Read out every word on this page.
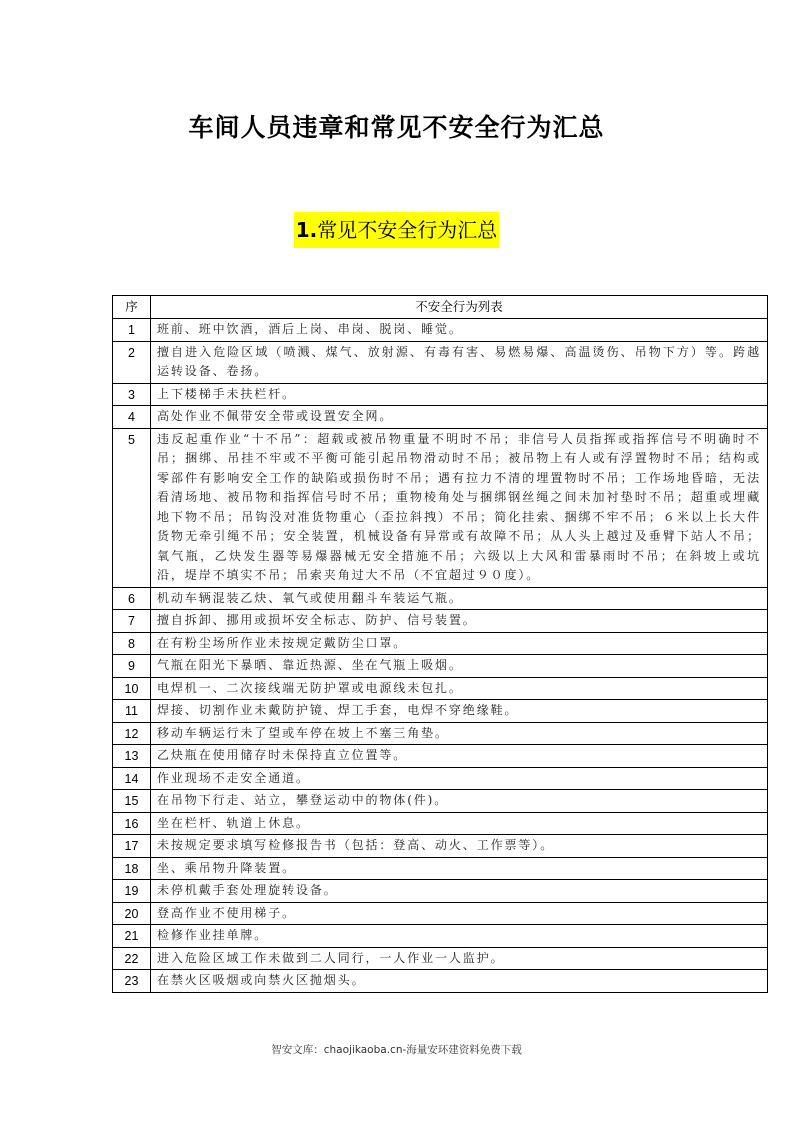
车间人员违章和常见不安全行为汇总
1.常见不安全行为汇总
序	不安全行为列表
1	班前、班中饮酒，酒后上岗、串岗、脱岗、睡觉。
2	擅自进入危险区域（喷溅、煤气、放射源、有毒有害、易燃易爆、高温烫伤、吊物下方）等。跨越运转设备、卷扬。
3	上下楼梯手未扶栏杆。
4	高处作业不佩带安全带或设置安全网。
5	违反起重作业“十不吊”：超载或被吊物重量不明时不吊；非信号人员指挥或指挥信号不明确时不吊；捆绑、吊挂不牢或不平衡可能引起吊物滑动时不吊；被吊物上有人或有浮置物时不吊；结构或零部件有影响安全工作的缺陷或损伤时不吊；遇有拉力不清的埋置物时不吊；工作场地昏暗，无法看清场地、被吊物和指挥信号时不吊；重物棱角处与捆绑钢丝绳之间未加衬垫时不吊；超重或埋藏地下物不吊；吊钩没对准货物重心（歪拉斜拽）不吊；简化挂索、捆绑不牢不吊；６米以上长大件货物无牵引绳不吊；安全装置，机械设备有异常或有故障不吊；从人头上越过及垂臂下站人不吊；氧气瓶，乙炔发生器等易爆器械无安全措施不吊；六级以上大风和雷暴雨时不吊；在斜坡上或坑沿，堤岸不填实不吊；吊索夹角过大不吊（不宜超过９０度）。
6	机动车辆混装乙炔、氧气或使用翻斗车装运气瓶。
7	擅自拆卸、挪用或损坏安全标志、防护、信号装置。
8	在有粉尘场所作业未按规定戴防尘口罩。
9	气瓶在阳光下暴晒、靠近热源、坐在气瓶上吸烟。
10	电焊机一、二次接线端无防护罩或电源线未包扎。
11	焊接、切割作业未戴防护镜、焊工手套，电焊不穿绝缘鞋。
12	移动车辆运行未了望或车停在坡上不塞三角垫。
13	乙炔瓶在使用储存时未保持直立位置等。
14	作业现场不走安全通道。
15	在吊物下行走、站立，攀登运动中的物体(件)。
16	坐在栏杆、轨道上休息。
17	未按规定要求填写检修报告书（包括：登高、动火、工作票等）。
18	坐、乘吊物升降装置。
19	未停机戴手套处理旋转设备。
20	登高作业不使用梯子。
21	检修作业挂单牌。
22	进入危险区域工作未做到二人同行，一人作业一人监护。
23	在禁火区吸烟或向禁火区抛烟头。
智安文库：chaojikaoba.cn-海量安环建资料免费下载
